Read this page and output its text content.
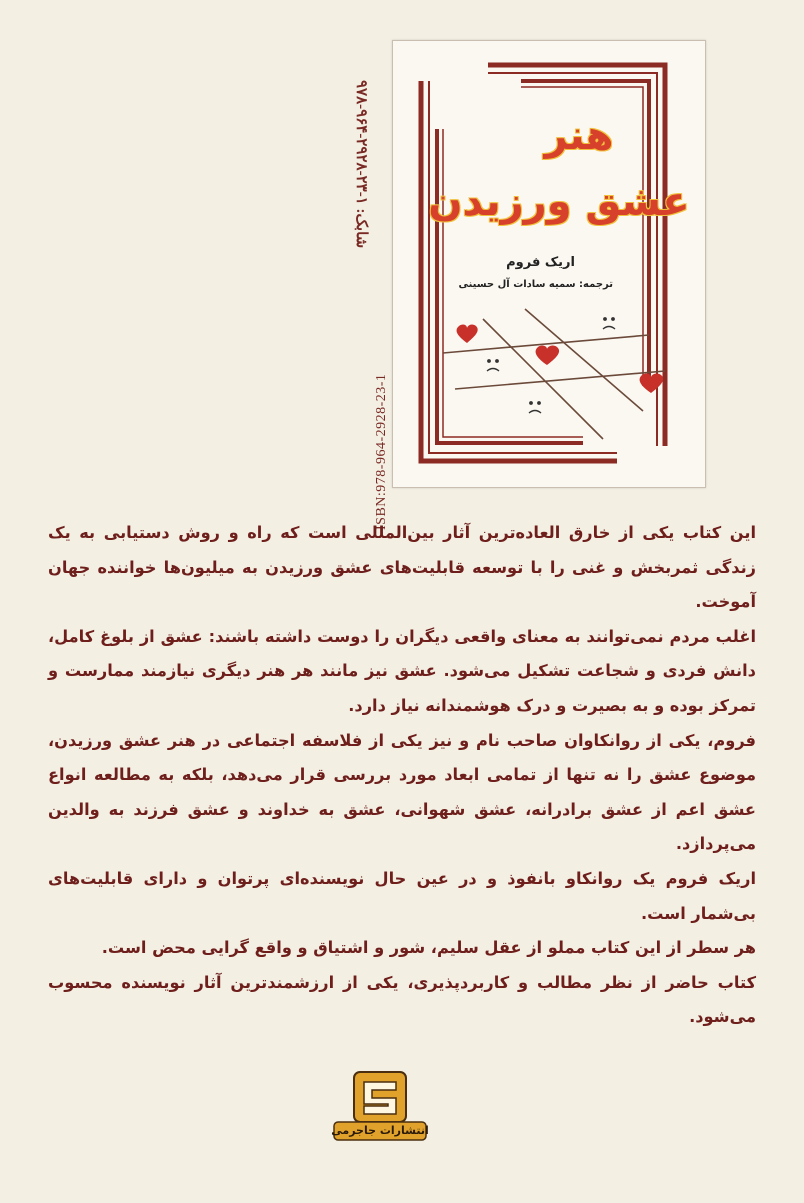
شابک: ۱-۲۳-۲۹۲۸-۹۶۴-۹۷۸
ISBN:978-964-2928-23-1
هنر
عشق ورزیدن
اریک فروم
ترجمه: سمیه سادات آل حسینی

این کتاب یکی از خارق العاده‌ترین آثار بین‌المللی است که راه و روش دستیابی به یک زندگی ثمربخش و غنی را با توسعه قابلیت‌های عشق ورزیدن به میلیون‌ها خواننده جهان آموخت.

اغلب مردم نمی‌توانند به معنای واقعی دیگران را دوست داشته باشند: عشق از بلوغ کامل، دانش فردی و شجاعت تشکیل می‌شود. عشق نیز مانند هر هنر دیگری نیازمند ممارست و تمرکز بوده و به بصیرت و درک هوشمندانه نیاز دارد.

فروم، یکی از روانکاوان صاحب نام و نیز یکی از فلاسفه اجتماعی در هنر عشق ورزیدن، موضوع عشق را نه تنها از تمامی ابعاد مورد بررسی قرار می‌دهد، بلکه به مطالعه انواع عشق اعم از عشق برادرانه، عشق شهوانی، عشق به خداوند و عشق فرزند به والدین می‌پردازد.

اریک فروم یک روانکاو بانفوذ و در عین حال نویسنده‌ای پرتوان و دارای قابلیت‌های بی‌شمار است.

هر سطر از این کتاب مملو از عقل سلیم، شور و اشتیاق و واقع گرایی محض است.

کتاب حاضر از نظر مطالب و کاربردپذیری، یکی از ارزشمندترین آثار نویسنده محسوب می‌شود.

انتشارات جاجرمی
